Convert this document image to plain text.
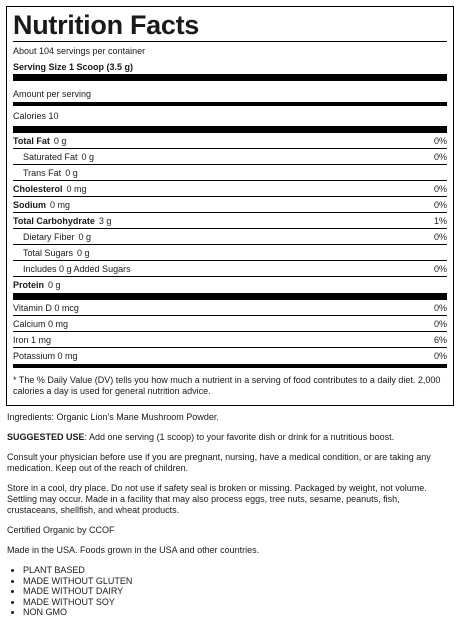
Nutrition Facts
About 104 servings per container
Serving Size 1 Scoop (3.5 g)
Amount per serving
Calories 10
Total Fat 0 g	0%
Saturated Fat 0 g	0%
Trans Fat 0 g
Cholesterol 0 mg	0%
Sodium 0 mg	0%
Total Carbohydrate 3 g	1%
Dietary Fiber 0 g	0%
Total Sugars 0 g
Includes 0 g Added Sugars	0%
Protein 0 g
Vitamin D 0 mcg	0%
Calcium 0 mg	0%
Iron 1 mg	6%
Potassium 0 mg	0%
* The % Daily Value (DV) tells you how much a nutrient in a serving of food contributes to a daily diet. 2,000 calories a day is used for general nutrition advice.

Ingredients: Organic Lion's Mane Mushroom Powder.

SUGGESTED USE: Add one serving (1 scoop) to your favorite dish or drink for a nutritious boost.

Consult your physician before use if you are pregnant, nursing, have a medical condition, or are taking any medication. Keep out of the reach of children.

Store in a cool, dry place. Do not use if safety seal is broken or missing. Packaged by weight, not volume. Settling may occur. Made in a facility that may also process eggs, tree nuts, sesame, peanuts, fish, crustaceans, shellfish, and wheat products.

Certified Organic by CCOF

Made in the USA. Foods grown in the USA and other countries.

• PLANT BASED
• MADE WITHOUT GLUTEN
• MADE WITHOUT DAIRY
• MADE WITHOUT SOY
• NON GMO
